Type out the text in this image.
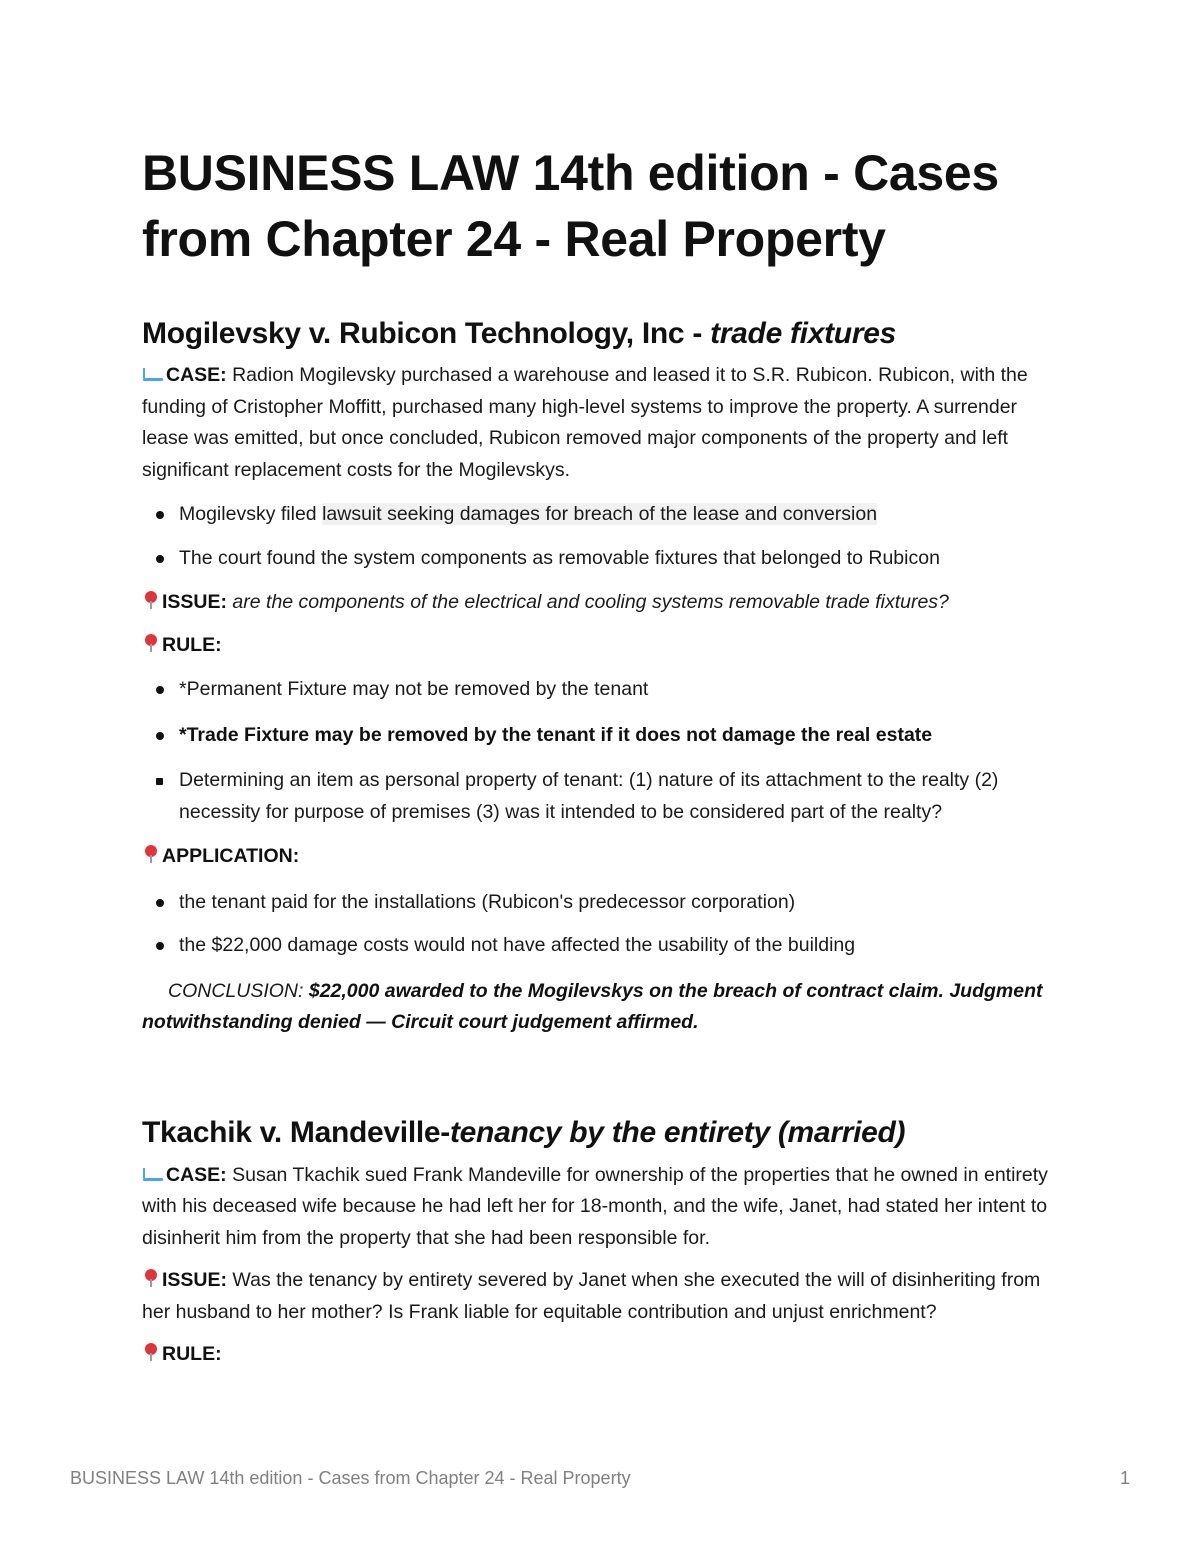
BUSINESS LAW 14th edition - Cases from Chapter 24 - Real Property
Mogilevsky v. Rubicon Technology, Inc - trade fixtures

CASE: Radion Mogilevsky purchased a warehouse and leased it to S.R. Rubicon. Rubicon, with the funding of Cristopher Moffitt, purchased many high-level systems to improve the property. A surrender lease was emitted, but once concluded, Rubicon removed major components of the property and left significant replacement costs for the Mogilevskys.

Mogilevsky filed lawsuit seeking damages for breach of the lease and conversion
The court found the system components as removable fixtures that belonged to Rubicon

ISSUE: are the components of the electrical and cooling systems removable trade fixtures?

RULE:

*Permanent Fixture may not be removed by the tenant
*Trade Fixture may be removed by the tenant if it does not damage the real estate
Determining an item as personal property of tenant: (1) nature of its attachment to the realty (2) necessity for purpose of premises (3) was it intended to be considered part of the realty?

APPLICATION:

the tenant paid for the installations (Rubicon's predecessor corporation)
the $22,000 damage costs would not have affected the usability of the building

CONCLUSION: $22,000 awarded to the Mogilevskys on the breach of contract claim. Judgment notwithstanding denied — Circuit court judgement affirmed.

Tkachik v. Mandeville-tenancy by the entirety (married)

CASE: Susan Tkachik sued Frank Mandeville for ownership of the properties that he owned in entirety with his deceased wife because he had left her for 18-month, and the wife, Janet, had stated her intent to disinherit him from the property that she had been responsible for.

ISSUE: Was the tenancy by entirety severed by Janet when she executed the will of disinheriting from her husband to her mother? Is Frank liable for equitable contribution and unjust enrichment?

RULE:

BUSINESS LAW 14th edition - Cases from Chapter 24 - Real Property	1
